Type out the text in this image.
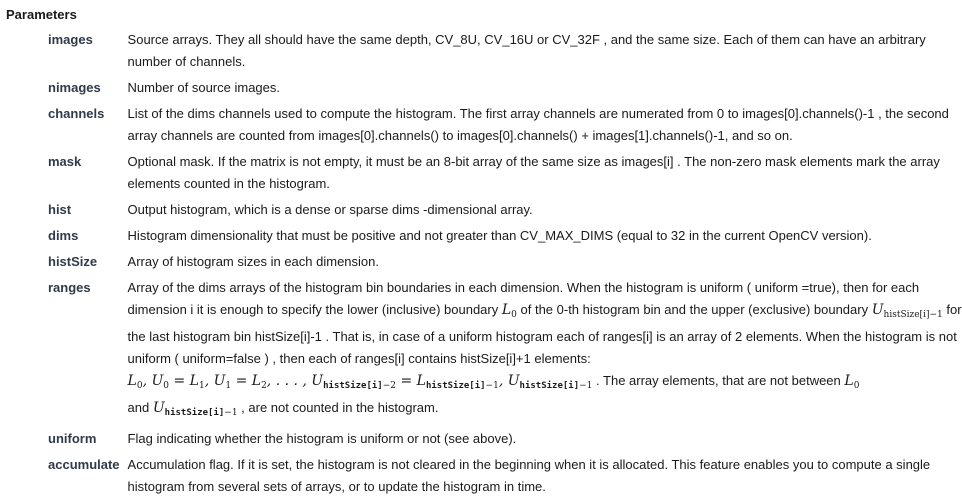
Parameters
images	Source arrays. They all should have the same depth, CV_8U, CV_16U or CV_32F , and the same size. Each of them can have an arbitrary number of channels.
nimages	Number of source images.
channels	List of the dims channels used to compute the histogram. The first array channels are numerated from 0 to images[0].channels()-1 , the second array channels are counted from images[0].channels() to images[0].channels() + images[1].channels()-1, and so on.
mask	Optional mask. If the matrix is not empty, it must be an 8-bit array of the same size as images[i] . The non-zero mask elements mark the array elements counted in the histogram.
hist	Output histogram, which is a dense or sparse dims -dimensional array.
dims	Histogram dimensionality that must be positive and not greater than CV_MAX_DIMS (equal to 32 in the current OpenCV version).
histSize	Array of histogram sizes in each dimension.
ranges	Array of the dims arrays of the histogram bin boundaries in each dimension. When the histogram is uniform ( uniform =true), then for each dimension i it is enough to specify the lower (inclusive) boundary $L_0$ of the 0-th histogram bin and the upper (exclusive) boundary $U_{histSize[i]-1}$ for the last histogram bin histSize[i]-1 . That is, in case of a uniform histogram each of ranges[i] is an array of 2 elements. When the histogram is not uniform ( uniform=false ) , then each of ranges[i] contains histSize[i]+1 elements:
$L_0$, $U_0 = L_1$, $U_1 = L_2$, . . . , $U_{histSize[i]-2} = L_{histSize[i]-1}$, $U_{histSize[i]-1}$ . The array elements, that are not between $L_0$
and $U_{histSize[i]-1}$ , are not counted in the histogram.
uniform	Flag indicating whether the histogram is uniform or not (see above).
accumulate	Accumulation flag. If it is set, the histogram is not cleared in the beginning when it is allocated. This feature enables you to compute a single histogram from several sets of arrays, or to update the histogram in time.
